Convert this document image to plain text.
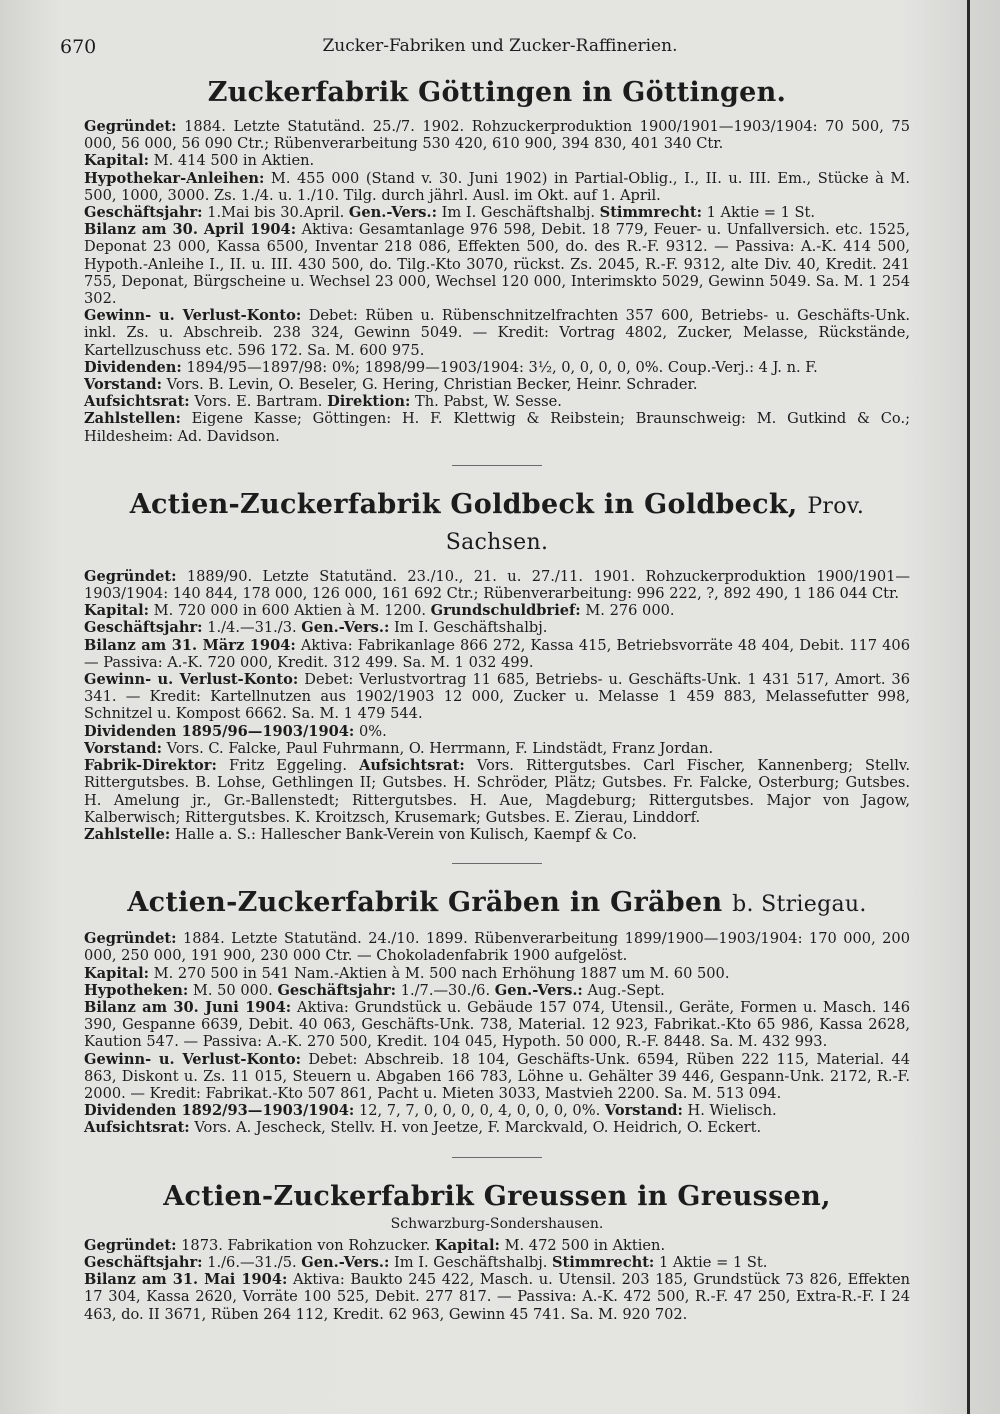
670	Zucker-Fabriken und Zucker-Raffinerien.
Zuckerfabrik Göttingen in Göttingen.

Gegründet: 1884. Letzte Statutänd. 25./7. 1902. Rohzuckerproduktion 1900/1901—1903/1904: 70 500, 75 000, 56 000, 56 090 Ctr.; Rübenverarbeitung 530 420, 610 900, 394 830, 401 340 Ctr.

Kapital: M. 414 500 in Aktien.

Hypothekar-Anleihen: M. 455 000 (Stand v. 30. Juni 1902) in Partial-Oblig., I., II. u. III. Em., Stücke à M. 500, 1000, 3000. Zs. 1./4. u. 1./10. Tilg. durch jährl. Ausl. im Okt. auf 1. April.

Geschäftsjahr: 1.Mai bis 30.April. Gen.-Vers.: Im I. Geschäftshalbj. Stimmrecht: 1 Aktie = 1 St.

Bilanz am 30. April 1904: Aktiva: Gesamtanlage 976 598, Debit. 18 779, Feuer- u. Unfallversich. etc. 1525, Deponat 23 000, Kassa 6500, Inventar 218 086, Effekten 500, do. des R.-F. 9312. — Passiva: A.-K. 414 500, Hypoth.-Anleihe I., II. u. III. 430 500, do. Tilg.-Kto 3070, rückst. Zs. 2045, R.-F. 9312, alte Div. 40, Kredit. 241 755, Deponat, Bürgscheine u. Wechsel 23 000, Wechsel 120 000, Interimskto 5029, Gewinn 5049. Sa. M. 1 254 302.

Gewinn- u. Verlust-Konto: Debet: Rüben u. Rübenschnitzelfrachten 357 600, Betriebs- u. Geschäfts-Unk. inkl. Zs. u. Abschreib. 238 324, Gewinn 5049. — Kredit: Vortrag 4802, Zucker, Melasse, Rückstände, Kartellzuschuss etc. 596 172. Sa. M. 600 975.

Dividenden: 1894/95—1897/98: 0%; 1898/99—1903/1904: 3½, 0, 0, 0, 0, 0%. Coup.-Verj.: 4 J. n. F.

Vorstand: Vors. B. Levin, O. Beseler, G. Hering, Christian Becker, Heinr. Schrader.

Aufsichtsrat: Vors. E. Bartram. Direktion: Th. Pabst, W. Sesse.

Zahlstellen: Eigene Kasse; Göttingen: H. F. Klettwig & Reibstein; Braunschweig: M. Gutkind & Co.; Hildesheim: Ad. Davidson.

Actien-Zuckerfabrik Goldbeck in Goldbeck, Prov. Sachsen.

Gegründet: 1889/90. Letzte Statutänd. 23./10., 21. u. 27./11. 1901. Rohzuckerproduktion 1900/1901—1903/1904: 140 844, 178 000, 126 000, 161 692 Ctr.; Rübenverarbeitung: 996 222, ?, 892 490, 1 186 044 Ctr.

Kapital: M. 720 000 in 600 Aktien à M. 1200. Grundschuldbrief: M. 276 000.

Geschäftsjahr: 1./4.—31./3. Gen.-Vers.: Im I. Geschäftshalbj.

Bilanz am 31. März 1904: Aktiva: Fabrikanlage 866 272, Kassa 415, Betriebsvorräte 48 404, Debit. 117 406 — Passiva: A.-K. 720 000, Kredit. 312 499. Sa. M. 1 032 499.

Gewinn- u. Verlust-Konto: Debet: Verlustvortrag 11 685, Betriebs- u. Geschäfts-Unk. 1 431 517, Amort. 36 341. — Kredit: Kartellnutzen aus 1902/1903 12 000, Zucker u. Melasse 1 459 883, Melassefutter 998, Schnitzel u. Kompost 6662. Sa. M. 1 479 544.

Dividenden 1895/96—1903/1904: 0%.

Vorstand: Vors. C. Falcke, Paul Fuhrmann, O. Herrmann, F. Lindstädt, Franz Jordan.

Fabrik-Direktor: Fritz Eggeling. Aufsichtsrat: Vors. Rittergutsbes. Carl Fischer, Kannenberg; Stellv. Rittergutsbes. B. Lohse, Gethlingen II; Gutsbes. H. Schröder, Plätz; Gutsbes. Fr. Falcke, Osterburg; Gutsbes. H. Amelung jr., Gr.-Ballenstedt; Rittergutsbes. H. Aue, Magdeburg; Rittergutsbes. Major von Jagow, Kalberwisch; Rittergutsbes. K. Kroitzsch, Krusemark; Gutsbes. E. Zierau, Linddorf.

Zahlstelle: Halle a. S.: Hallescher Bank-Verein von Kulisch, Kaempf & Co.

Actien-Zuckerfabrik Gräben in Gräben b. Striegau.

Gegründet: 1884. Letzte Statutänd. 24./10. 1899. Rübenverarbeitung 1899/1900—1903/1904: 170 000, 200 000, 250 000, 191 900, 230 000 Ctr. — Chokoladenfabrik 1900 aufgelöst.

Kapital: M. 270 500 in 541 Nam.-Aktien à M. 500 nach Erhöhung 1887 um M. 60 500.

Hypotheken: M. 50 000. Geschäftsjahr: 1./7.—30./6. Gen.-Vers.: Aug.-Sept.

Bilanz am 30. Juni 1904: Aktiva: Grundstück u. Gebäude 157 074, Utensil., Geräte, Formen u. Masch. 146 390, Gespanne 6639, Debit. 40 063, Geschäfts-Unk. 738, Material. 12 923, Fabrikat.-Kto 65 986, Kassa 2628, Kaution 547. — Passiva: A.-K. 270 500, Kredit. 104 045, Hypoth. 50 000, R.-F. 8448. Sa. M. 432 993.

Gewinn- u. Verlust-Konto: Debet: Abschreib. 18 104, Geschäfts-Unk. 6594, Rüben 222 115, Material. 44 863, Diskont u. Zs. 11 015, Steuern u. Abgaben 166 783, Löhne u. Gehälter 39 446, Gespann-Unk. 2172, R.-F. 2000. — Kredit: Fabrikat.-Kto 507 861, Pacht u. Mieten 3033, Mastvieh 2200. Sa. M. 513 094.

Dividenden 1892/93—1903/1904: 12, 7, 7, 0, 0, 0, 0, 4, 0, 0, 0, 0%. Vorstand: H. Wielisch.

Aufsichtsrat: Vors. A. Jescheck, Stellv. H. von Jeetze, F. Marckvald, O. Heidrich, O. Eckert.

Actien-Zuckerfabrik Greussen in Greussen,
Schwarzburg-Sondershausen.

Gegründet: 1873. Fabrikation von Rohzucker. Kapital: M. 472 500 in Aktien.

Geschäftsjahr: 1./6.—31./5. Gen.-Vers.: Im I. Geschäftshalbj. Stimmrecht: 1 Aktie = 1 St.

Bilanz am 31. Mai 1904: Aktiva: Baukto 245 422, Masch. u. Utensil. 203 185, Grundstück 73 826, Effekten 17 304, Kassa 2620, Vorräte 100 525, Debit. 277 817. — Passiva: A.-K. 472 500, R.-F. 47 250, Extra-R.-F. I 24 463, do. II 3671, Rüben 264 112, Kredit. 62 963, Gewinn 45 741. Sa. M. 920 702.
